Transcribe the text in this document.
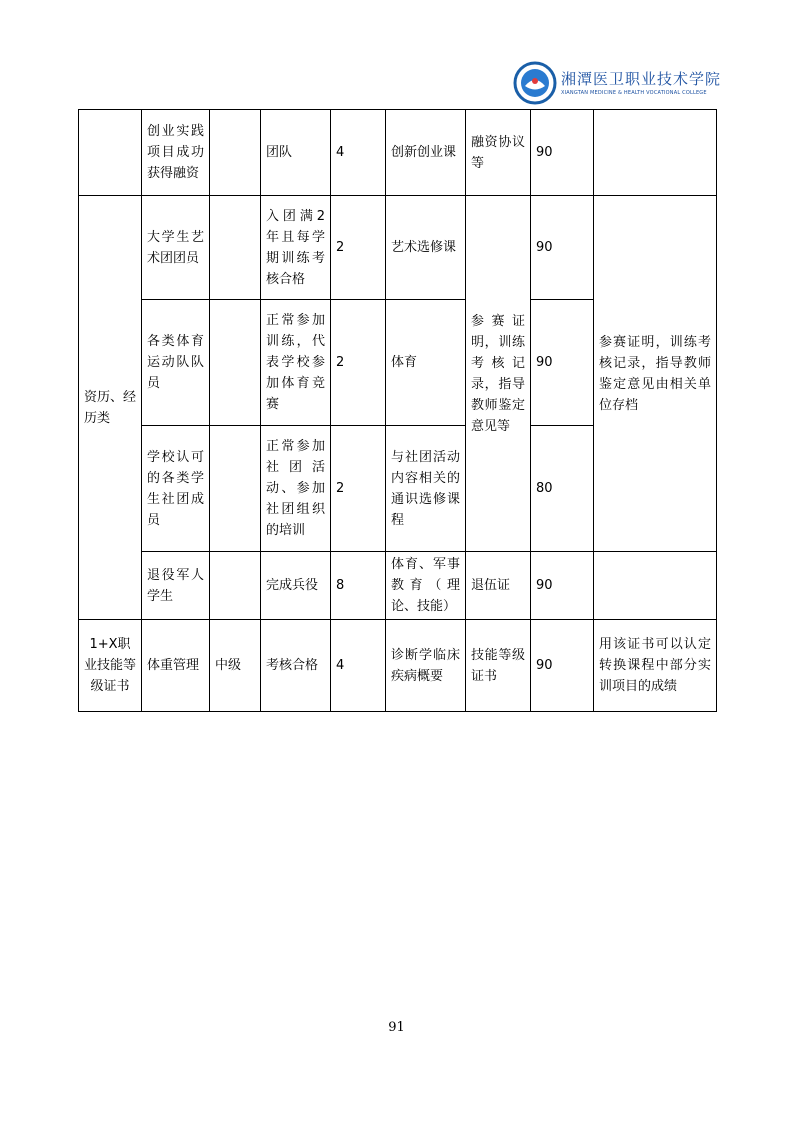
湘潭医卫职业技术学院
XIANGTAN MEDICINE & HEALTH VOCATIONAL COLLEGE
	创业实践项目成功获得融资		团队	4	创新创业课	融资协议等	90	
资历、经历类	大学生艺术团团员		入团满2年且每学期训练考核合格	2	艺术选修课	参赛证明，训练考核记录，指导教师鉴定意见等	90	参赛证明，训练考核记录，指导教师鉴定意见由相关单位存档
	各类体育运动队队员		正常参加训练，代表学校参加体育竞赛	2	体育		90	
	学校认可的各类学生社团成员		正常参加社团活动、参加社团组织的培训	2	与社团活动内容相关的通识选修课程		80	
	退役军人学生		完成兵役	8	体育、军事教育（理论、技能）	退伍证	90	
1+X职业技能等级证书	体重管理	中级	考核合格	4	诊断学临床疾病概要	技能等级证书	90	用该证书可以认定转换课程中部分实训项目的成绩
91
